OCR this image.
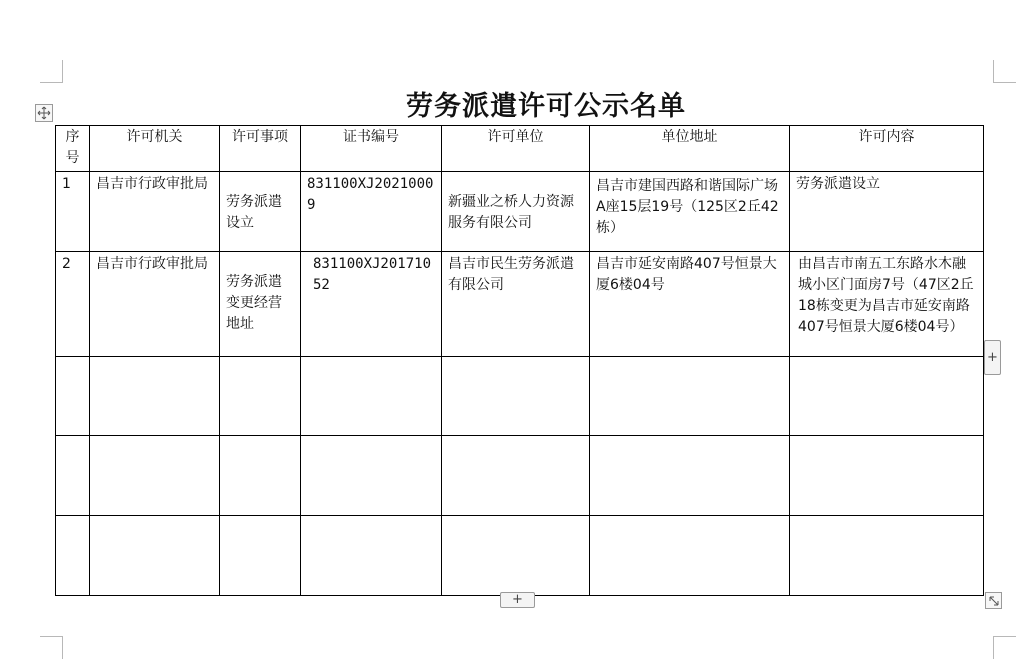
劳务派遣许可公示名单
序号	许可机关	许可事项	证书编号	许可单位	单位地址	许可内容
1	昌吉市行政审批局	劳务派遣设立	831100XJ20210009	新疆业之桥人力资源服务有限公司	昌吉市建国西路和谐国际广场A座15层19号（125区2丘42栋）	劳务派遣设立
2	昌吉市行政审批局	劳务派遣变更经营地址	831100XJ20171052	昌吉市民生劳务派遣有限公司	昌吉市延安南路407号恒景大厦6楼04号	由昌吉市南五工东路水木融城小区门面房7号（47区2丘18栋变更为昌吉市延安南路407号恒景大厦6楼04号）

+
+
